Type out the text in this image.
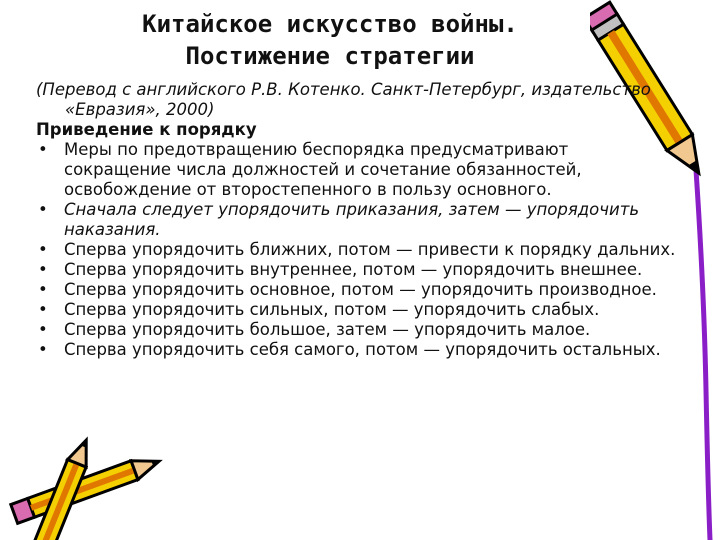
Китайское искусство войны.
Постижение стратегии

(Перевод с английского Р.В. Котенко. Санкт-Петербург, издательство «Евразия», 2000)

Приведение к порядку

• Меры по предотвращению беспорядка предусматривают сокращение числа должностей и сочетание обязанностей, освобождение от второстепенного в пользу основного.
• Сначала следует упорядочить приказания, затем — упорядочить наказания.
• Сперва упорядочить ближних, потом — привести к порядку дальних.
• Сперва упорядочить внутреннее, потом — упорядочить внешнее.
• Сперва упорядочить основное, потом — упорядочить производное.
• Сперва упорядочить сильных, потом — упорядочить слабых.
• Сперва упорядочить большое, затем — упорядочить малое.
• Сперва упорядочить себя самого, потом — упорядочить остальных.
